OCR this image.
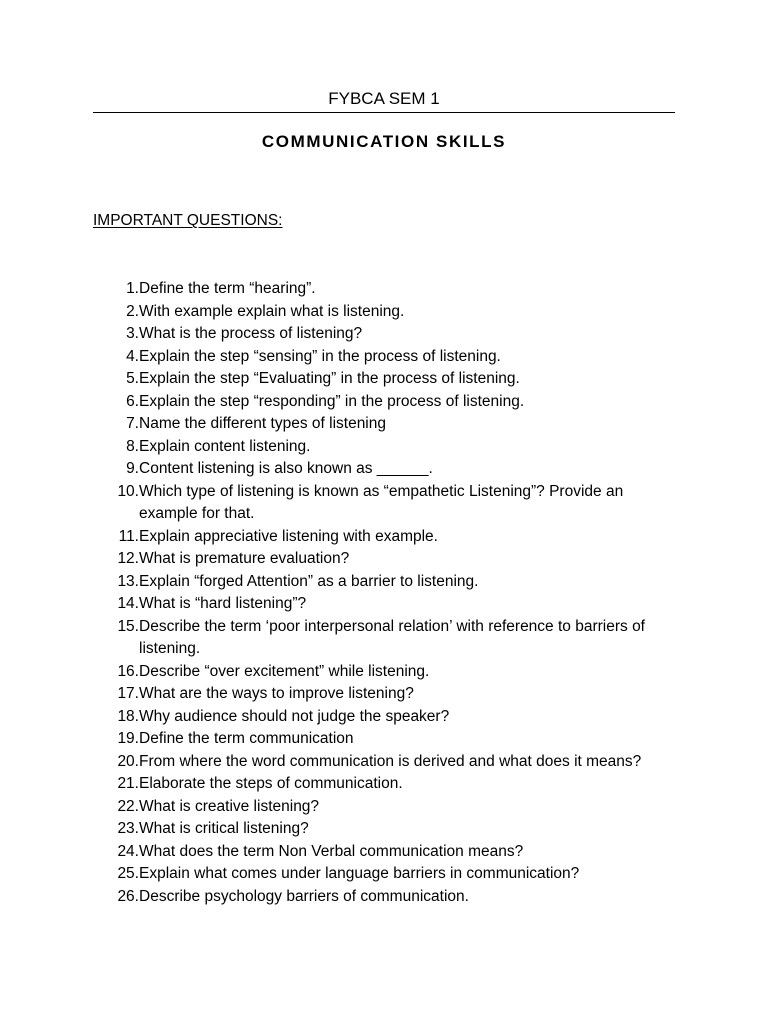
FYBCA SEM 1
COMMUNICATION SKILLS
IMPORTANT QUESTIONS:
1. Define the term “hearing”.
2. With example explain what is listening.
3. What is the process of listening?
4. Explain the step “sensing” in the process of listening.
5. Explain the step “Evaluating” in the process of listening.
6. Explain the step “responding” in the process of listening.
7. Name the different types of listening
8. Explain content listening.
9. Content listening is also known as ______.
10. Which type of listening is known as “empathetic Listening”? Provide an example for that.
11. Explain appreciative listening with example.
12. What is premature evaluation?
13. Explain “forged Attention” as a barrier to listening.
14. What is “hard listening”?
15. Describe the term ‘poor interpersonal relation’ with reference to barriers of listening.
16. Describe “over excitement” while listening.
17. What are the ways to improve listening?
18. Why audience should not judge the speaker?
19. Define the term communication
20. From where the word communication is derived and what does it means?
21. Elaborate the steps of communication.
22. What is creative listening?
23. What is critical listening?
24. What does the term Non Verbal communication means?
25. Explain what comes under language barriers in communication?
26. Describe psychology barriers of communication.
